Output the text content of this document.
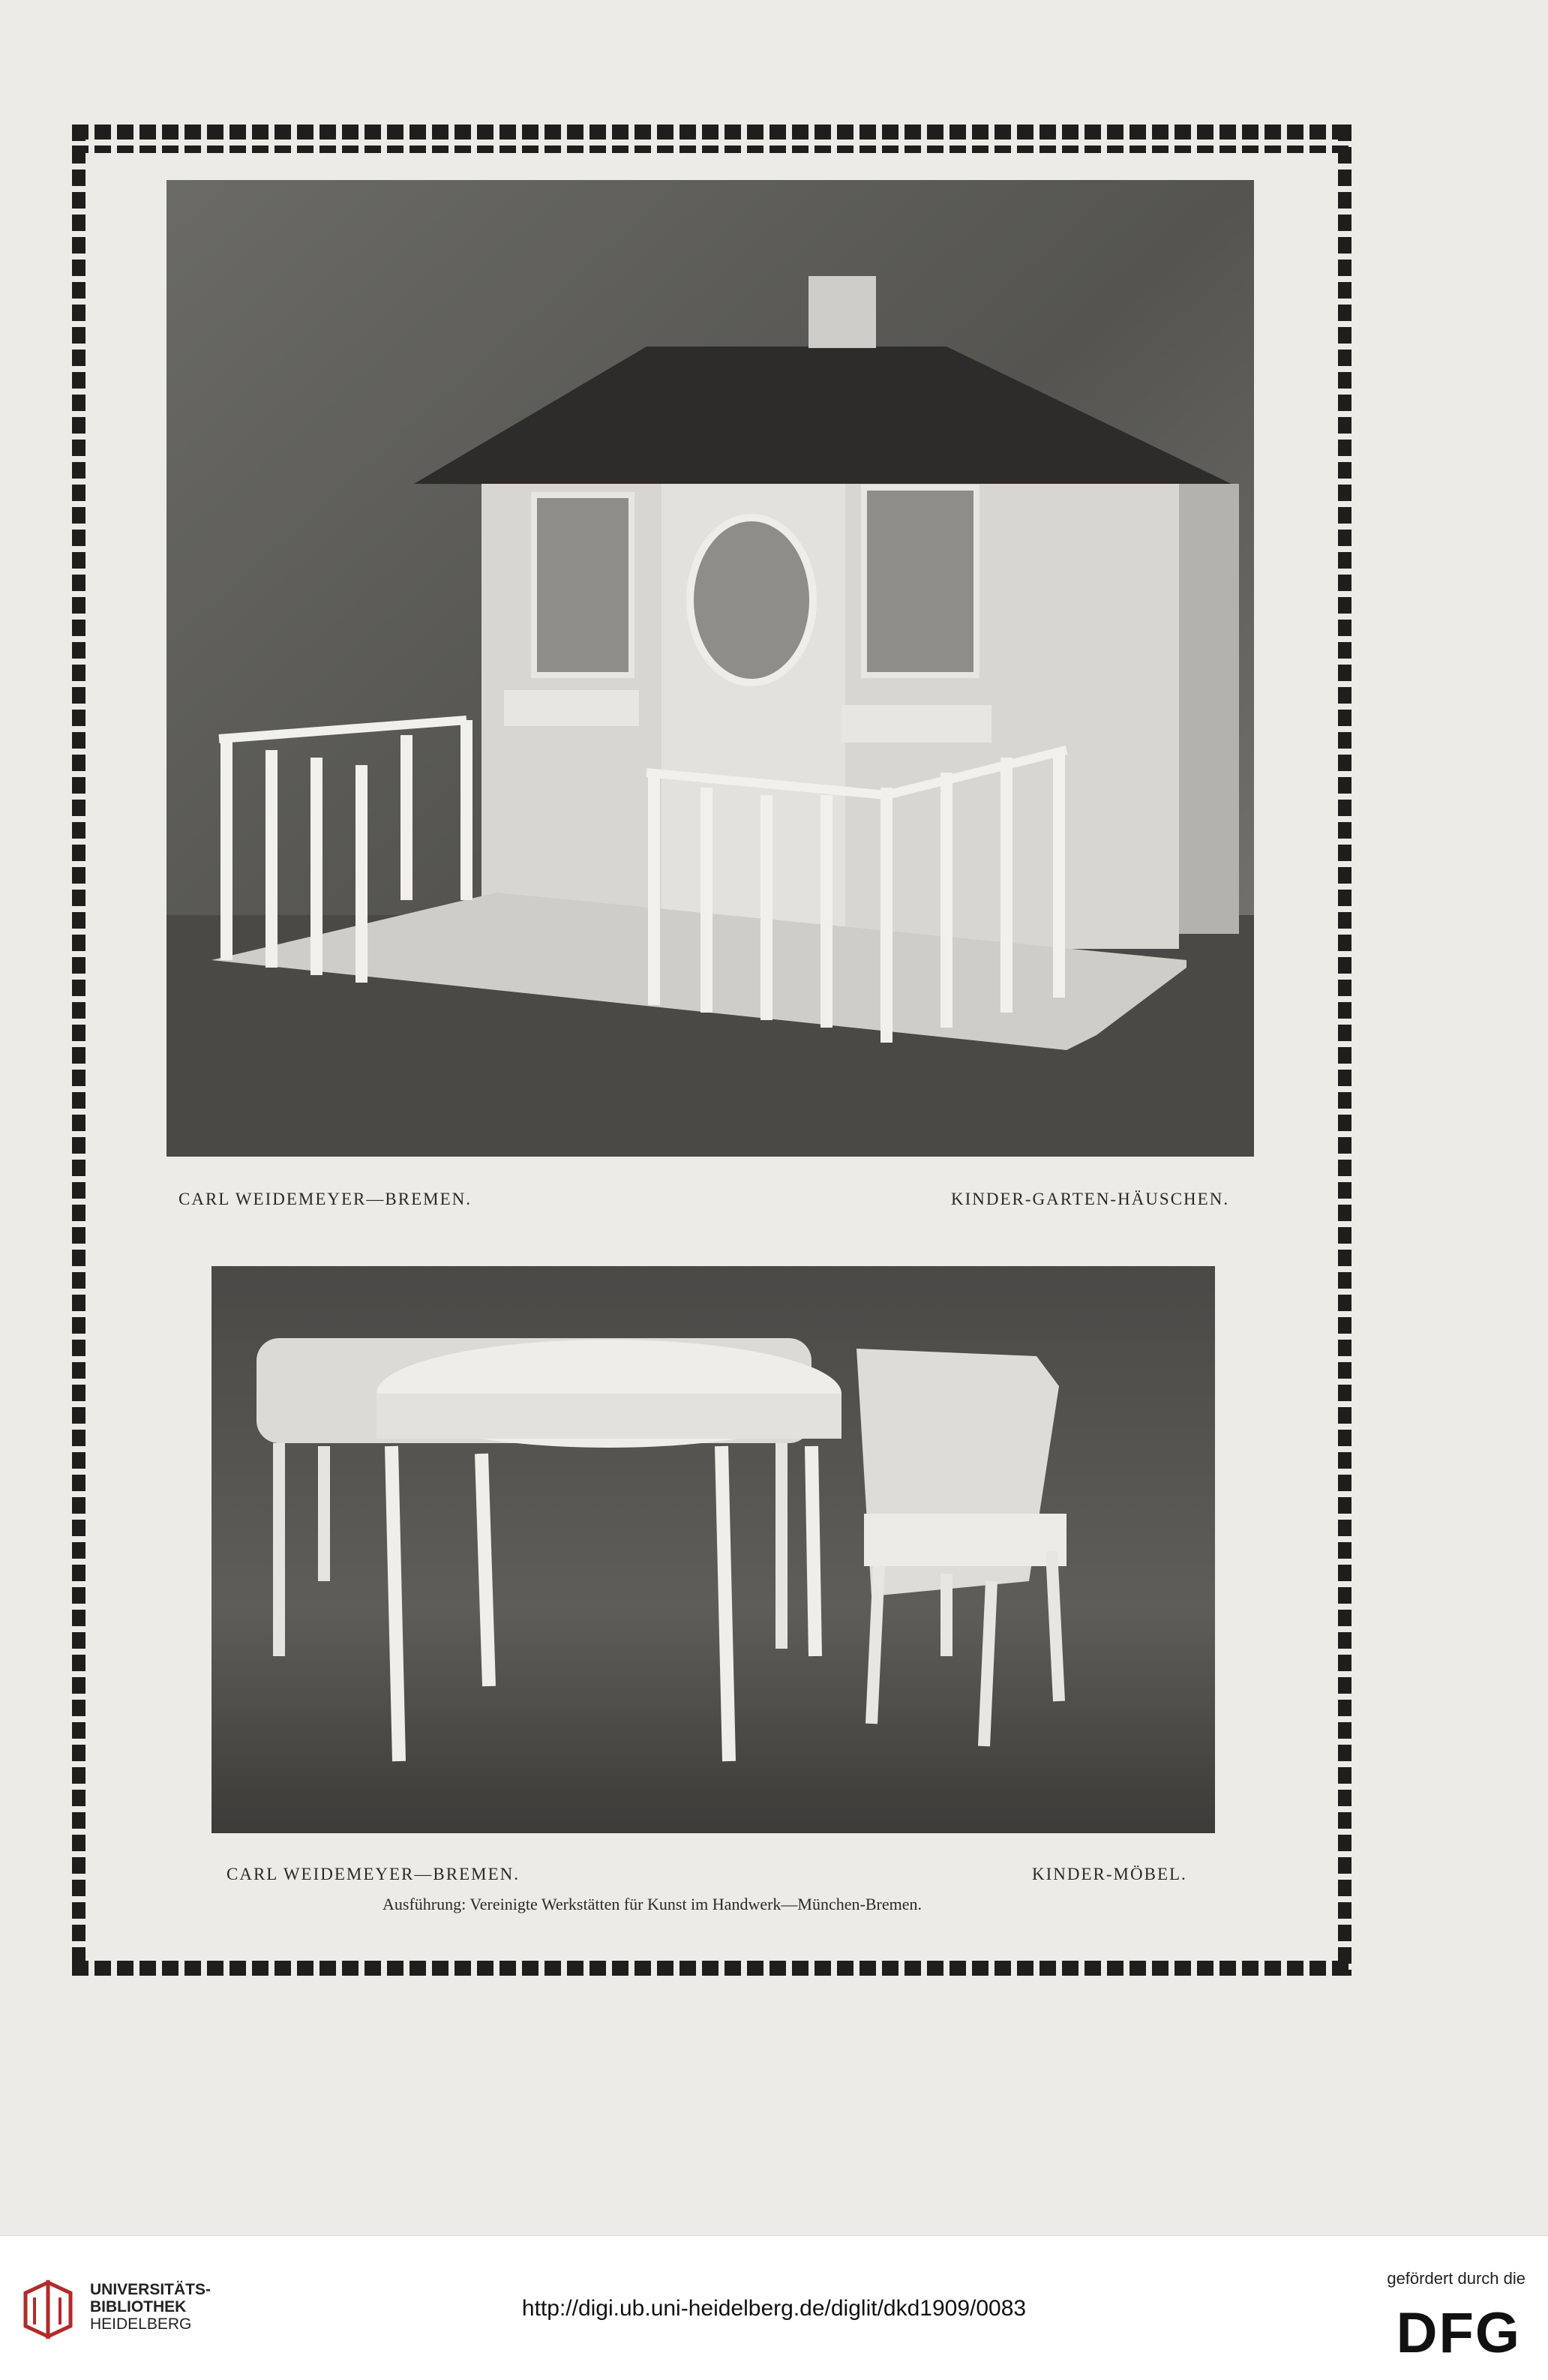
CARL WEIDEMEYER—BREMEN.	KINDER-GARTEN-HÄUSCHEN.
CARL WEIDEMEYER—BREMEN.	KINDER-MÖBEL.
Ausführung: Vereinigte Werkstätten für Kunst im Handwerk—München-Bremen.
UNIVERSITÄTS-
BIBLIOTHEK
HEIDELBERG
http://digi.ub.uni-heidelberg.de/diglit/dkd1909/0083
gefördert durch die
DFG
